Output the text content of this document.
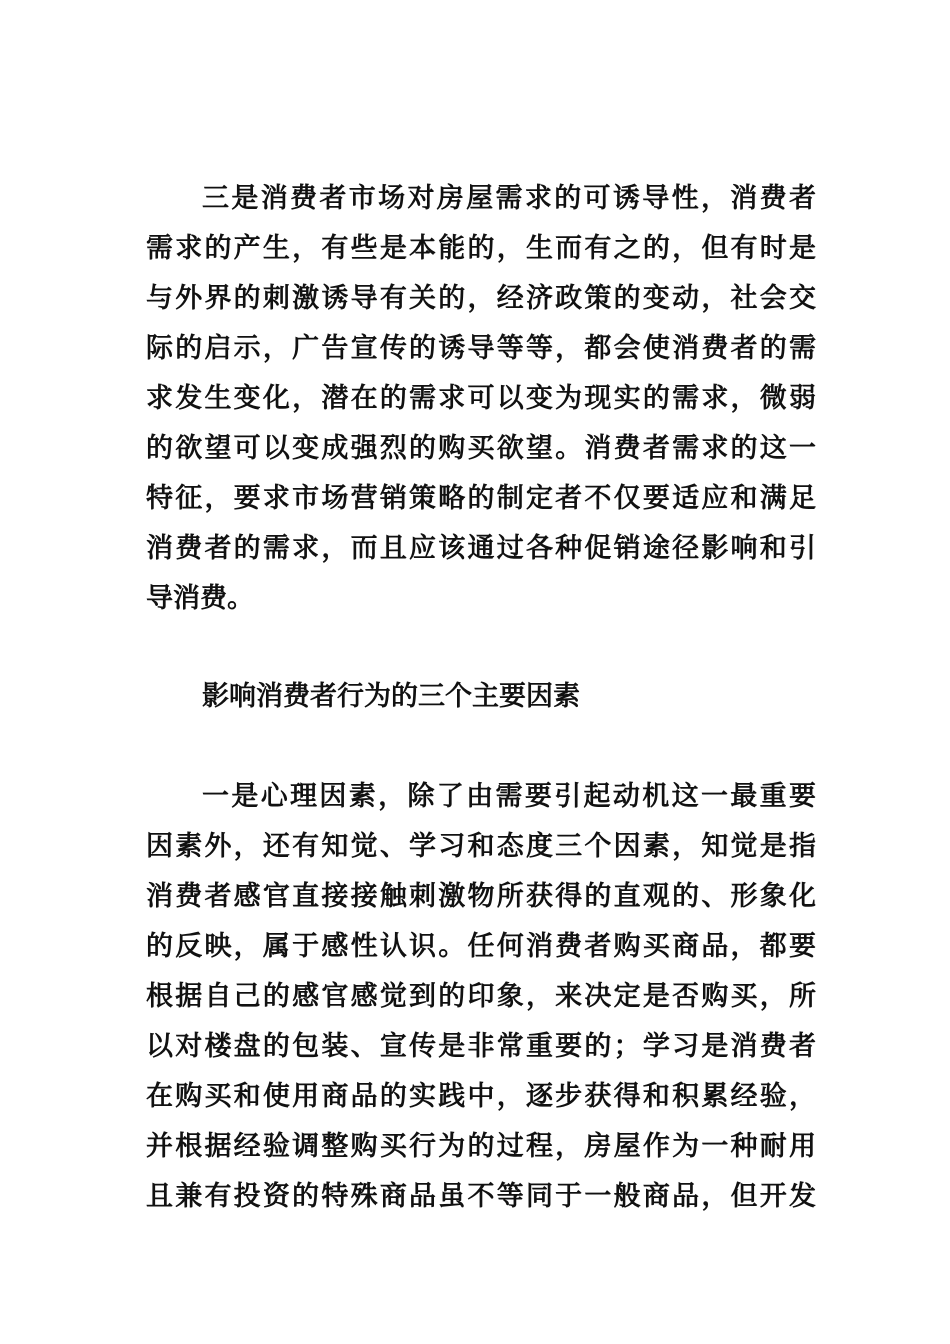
三是消费者市场对房屋需求的可诱导性，消费者
需求的产生，有些是本能的，生而有之的，但有时是
与外界的刺激诱导有关的，经济政策的变动，社会交
际的启示，广告宣传的诱导等等，都会使消费者的需
求发生变化，潜在的需求可以变为现实的需求，微弱
的欲望可以变成强烈的购买欲望。消费者需求的这一
特征，要求市场营销策略的制定者不仅要适应和满足
消费者的需求，而且应该通过各种促销途径影响和引
导消费。
影响消费者行为的三个主要因素
一是心理因素，除了由需要引起动机这一最重要
因素外，还有知觉、学习和态度三个因素，知觉是指
消费者感官直接接触刺激物所获得的直观的、形象化
的反映，属于感性认识。任何消费者购买商品，都要
根据自己的感官感觉到的印象，来决定是否购买，所
以对楼盘的包装、宣传是非常重要的；学习是消费者
在购买和使用商品的实践中，逐步获得和积累经验，
并根据经验调整购买行为的过程，房屋作为一种耐用
且兼有投资的特殊商品虽不等同于一般商品，但开发
